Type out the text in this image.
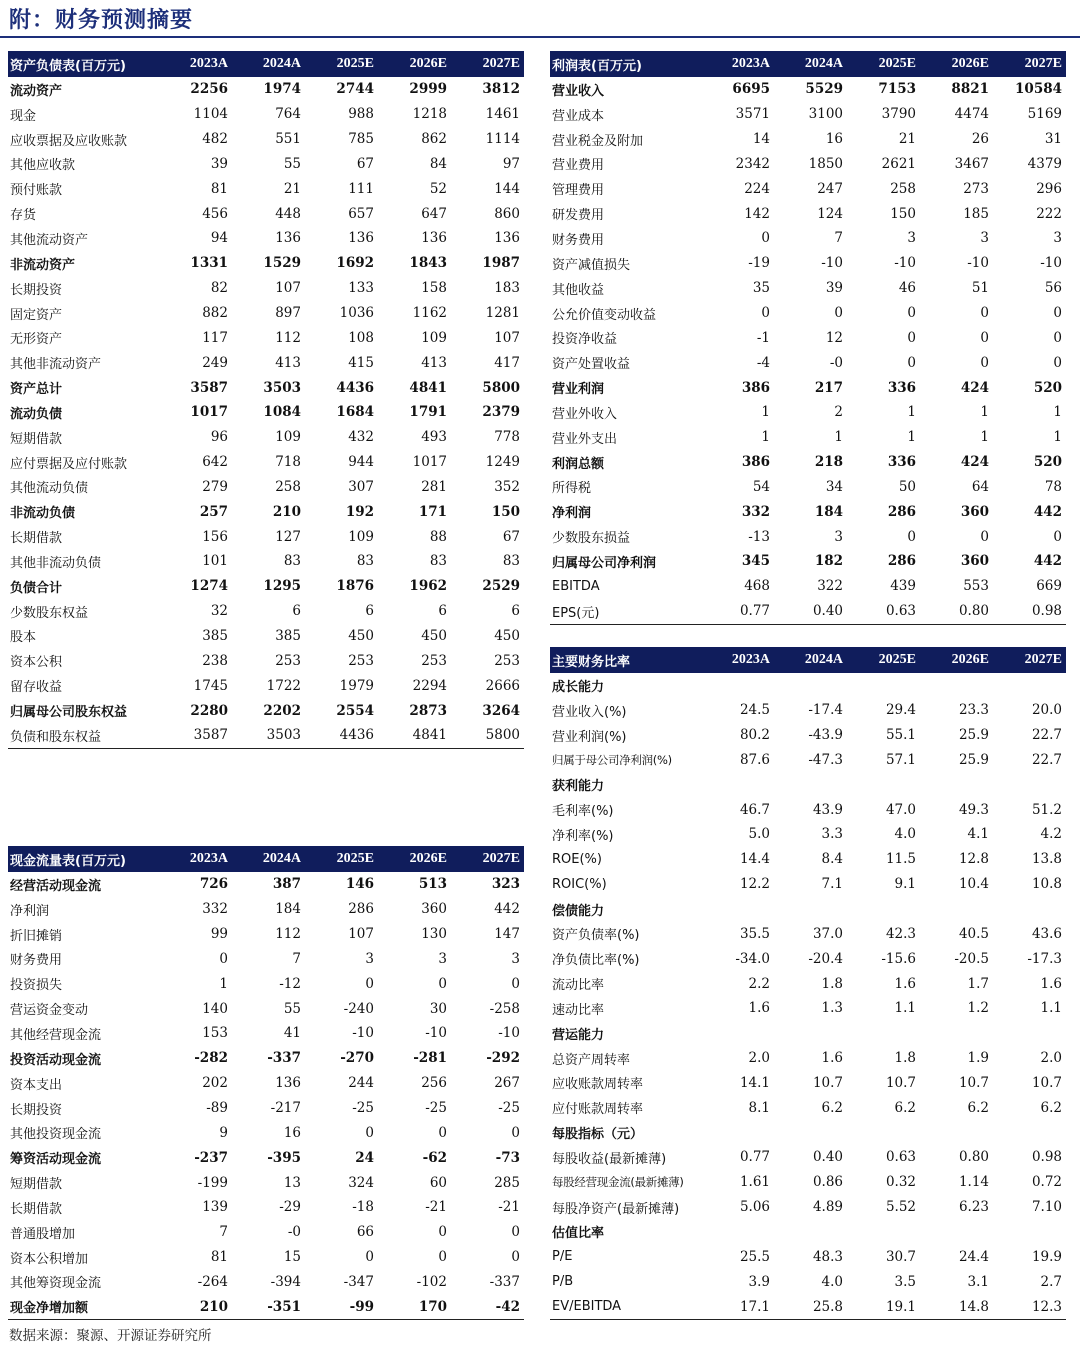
附：财务预测摘要
资产负债表(百万元)	2023A	2024A	2025E	2026E	2027E
流动资产	2256	1974	2744	2999	3812
现金	1104	764	988	1218	1461
应收票据及应收账款	482	551	785	862	1114
其他应收款	39	55	67	84	97
预付账款	81	21	111	52	144
存货	456	448	657	647	860
其他流动资产	94	136	136	136	136
非流动资产	1331	1529	1692	1843	1987
长期投资	82	107	133	158	183
固定资产	882	897	1036	1162	1281
无形资产	117	112	108	109	107
其他非流动资产	249	413	415	413	417
资产总计	3587	3503	4436	4841	5800
流动负债	1017	1084	1684	1791	2379
短期借款	96	109	432	493	778
应付票据及应付账款	642	718	944	1017	1249
其他流动负债	279	258	307	281	352
非流动负债	257	210	192	171	150
长期借款	156	127	109	88	67
其他非流动负债	101	83	83	83	83
负债合计	1274	1295	1876	1962	2529
少数股东权益	32	6	6	6	6
股本	385	385	450	450	450
资本公积	238	253	253	253	253
留存收益	1745	1722	1979	2294	2666
归属母公司股东权益	2280	2202	2554	2873	3264
负债和股东权益	3587	3503	4436	4841	5800
利润表(百万元)	2023A	2024A	2025E	2026E	2027E
营业收入	6695	5529	7153	8821	10584
营业成本	3571	3100	3790	4474	5169
营业税金及附加	14	16	21	26	31
营业费用	2342	1850	2621	3467	4379
管理费用	224	247	258	273	296
研发费用	142	124	150	185	222
财务费用	0	7	3	3	3
资产减值损失	-19	-10	-10	-10	-10
其他收益	35	39	46	51	56
公允价值变动收益	0	0	0	0	0
投资净收益	-1	12	0	0	0
资产处置收益	-4	-0	0	0	0
营业利润	386	217	336	424	520
营业外收入	1	2	1	1	1
营业外支出	1	1	1	1	1
利润总额	386	218	336	424	520
所得税	54	34	50	64	78
净利润	332	184	286	360	442
少数股东损益	-13	3	0	0	0
归属母公司净利润	345	182	286	360	442
EBITDA	468	322	439	553	669
EPS(元)	0.77	0.40	0.63	0.80	0.98
现金流量表(百万元)	2023A	2024A	2025E	2026E	2027E
经营活动现金流	726	387	146	513	323
净利润	332	184	286	360	442
折旧摊销	99	112	107	130	147
财务费用	0	7	3	3	3
投资损失	1	-12	0	0	0
营运资金变动	140	55	-240	30	-258
其他经营现金流	153	41	-10	-10	-10
投资活动现金流	-282	-337	-270	-281	-292
资本支出	202	136	244	256	267
长期投资	-89	-217	-25	-25	-25
其他投资现金流	9	16	0	0	0
筹资活动现金流	-237	-395	24	-62	-73
短期借款	-199	13	324	60	285
长期借款	139	-29	-18	-21	-21
普通股增加	7	-0	66	0	0
资本公积增加	81	15	0	0	0
其他筹资现金流	-264	-394	-347	-102	-337
现金净增加额	210	-351	-99	170	-42
主要财务比率	2023A	2024A	2025E	2026E	2027E
成长能力					
营业收入(%)	24.5	-17.4	29.4	23.3	20.0
营业利润(%)	80.2	-43.9	55.1	25.9	22.7
归属于母公司净利润(%)	87.6	-47.3	57.1	25.9	22.7
获利能力					
毛利率(%)	46.7	43.9	47.0	49.3	51.2
净利率(%)	5.0	3.3	4.0	4.1	4.2
ROE(%)	14.4	8.4	11.5	12.8	13.8
ROIC(%)	12.2	7.1	9.1	10.4	10.8
偿债能力					
资产负债率(%)	35.5	37.0	42.3	40.5	43.6
净负债比率(%)	-34.0	-20.4	-15.6	-20.5	-17.3
流动比率	2.2	1.8	1.6	1.7	1.6
速动比率	1.6	1.3	1.1	1.2	1.1
营运能力					
总资产周转率	2.0	1.6	1.8	1.9	2.0
应收账款周转率	14.1	10.7	10.7	10.7	10.7
应付账款周转率	8.1	6.2	6.2	6.2	6.2
每股指标（元）					
每股收益(最新摊薄)	0.77	0.40	0.63	0.80	0.98
每股经营现金流(最新摊薄)	1.61	0.86	0.32	1.14	0.72
每股净资产(最新摊薄)	5.06	4.89	5.52	6.23	7.10
估值比率					
P/E	25.5	48.3	30.7	24.4	19.9
P/B	3.9	4.0	3.5	3.1	2.7
EV/EBITDA	17.1	25.8	19.1	14.8	12.3
数据来源：聚源、开源证券研究所
